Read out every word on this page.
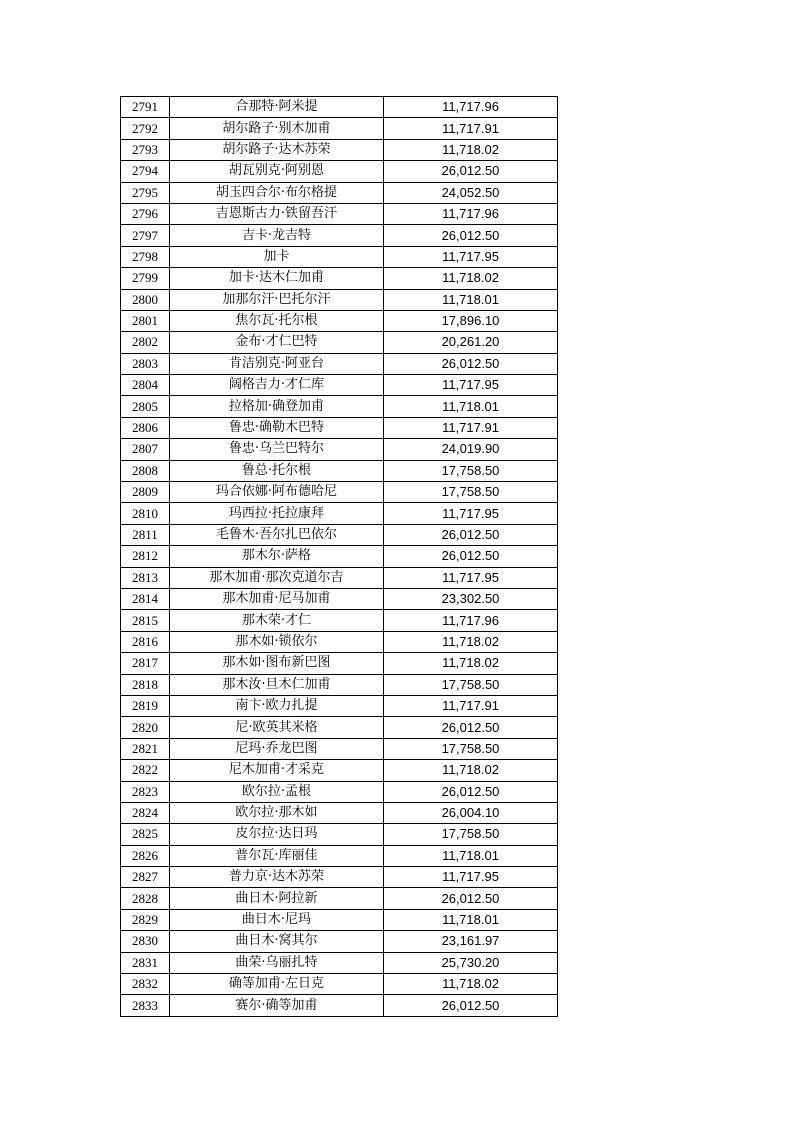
2791	合那特·阿米提	11,717.96
2792	胡尔路子·别木加甫	11,717.91
2793	胡尔路子·达木苏荣	11,718.02
2794	胡瓦别克·阿别恩	26,012.50
2795	胡玉四合尔·布尔格提	24,052.50
2796	吉恩斯古力·铁留吾汗	11,717.96
2797	吉卡·龙吉特	26,012.50
2798	加卡	11,717.95
2799	加卡·达木仁加甫	11,718.02
2800	加那尔汗·巴托尔汗	11,718.01
2801	焦尔瓦·托尔根	17,896.10
2802	金布·才仁巴特	20,261.20
2803	肯洁别克·阿亚台	26,012.50
2804	阔格吉力·才仁库	11,717.95
2805	拉格加·确登加甫	11,718.01
2806	鲁忠·确勒木巴特	11,717.91
2807	鲁忠·乌兰巴特尔	24,019.90
2808	鲁总·托尔根	17,758.50
2809	玛合依娜·阿布德哈尼	17,758.50
2810	玛西拉·托拉康拜	11,717.95
2811	毛鲁木·吾尔扎巴依尔	26,012.50
2812	那木尔·萨格	26,012.50
2813	那木加甫·那次克道尔吉	11,717.95
2814	那木加甫·尼马加甫	23,302.50
2815	那木荣·才仁	11,717.96
2816	那木如·锁依尔	11,718.02
2817	那木如·图布新巴图	11,718.02
2818	那木汝·旦木仁加甫	17,758.50
2819	南卞·欧力扎提	11,717.91
2820	尼·欧英其米格	26,012.50
2821	尼玛·乔龙巴图	17,758.50
2822	尼木加甫·才采克	11,718.02
2823	欧尔拉·孟根	26,012.50
2824	欧尔拉·那木如	26,004.10
2825	皮尔拉·达日玛	17,758.50
2826	普尔瓦·库丽佳	11,718.01
2827	普力京·达木苏荣	11,717.95
2828	曲日木·阿拉新	26,012.50
2829	曲日木·尼玛	11,718.01
2830	曲日木·窝其尔	23,161.97
2831	曲荣·乌丽扎特	25,730.20
2832	确等加甫·左日克	11,718.02
2833	赛尔·确等加甫	26,012.50
